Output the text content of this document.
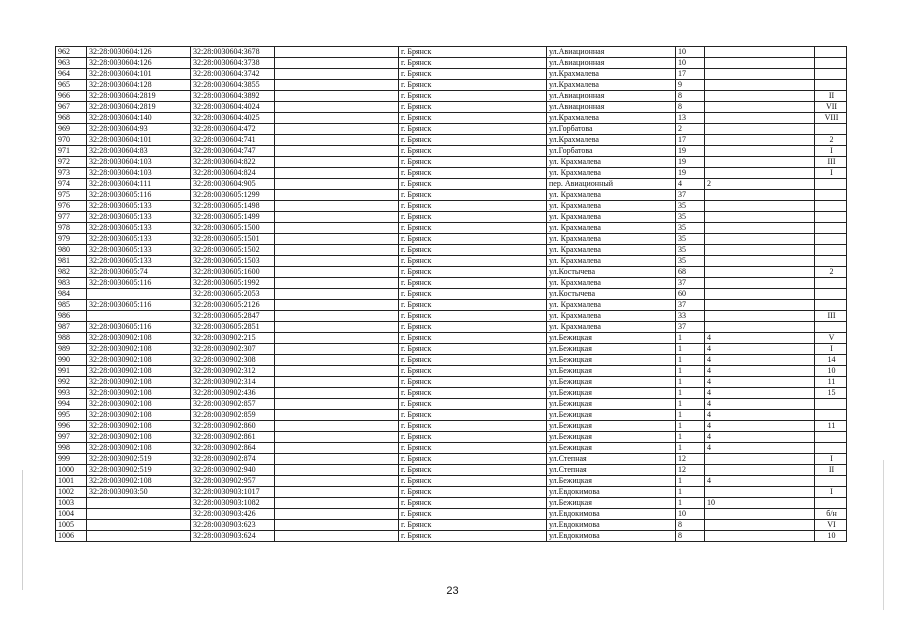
962	32:28:0030604:126	32:28:0030604:3678		г. Брянск	ул.Авиационная	10		
963	32:28:0030604:126	32:28:0030604:3738		г. Брянск	ул.Авиационная	10		
964	32:28:0030604:101	32:28:0030604:3742		г. Брянск	ул.Крахмалева	17		
965	32:28:0030604:128	32:28:0030604:3855		г. Брянск	ул.Крахмалева	9		
966	32:28:0030604:2819	32:28:0030604:3892		г. Брянск	ул.Авиационная	8		II
967	32:28:0030604:2819	32:28:0030604:4024		г. Брянск	ул.Авиационная	8		VII
968	32:28:0030604:140	32:28:0030604:4025		г. Брянск	ул.Крахмалева	13		VIII
969	32:28:0030604:93	32:28:0030604:472		г. Брянск	ул.Горбатова	2		
970	32:28:0030604:101	32:28:0030604:741		г. Брянск	ул.Крахмалева	17		2
971	32:28:0030604:83	32:28:0030604:747		г. Брянск	ул.Горбатова	19		I
972	32:28:0030604:103	32:28:0030604:822		г. Брянск	ул. Крахмалева	19		III
973	32:28:0030604:103	32:28:0030604:824		г. Брянск	ул. Крахмалева	19		I
974	32:28:0030604:111	32:28:0030604:905		г. Брянск	пер. Авиационный	4	2	
975	32:28:0030605:116	32:28:0030605:1299		г. Брянск	ул. Крахмалева	37		
976	32:28:0030605:133	32:28:0030605:1498		г. Брянск	ул. Крахмалева	35		
977	32:28:0030605:133	32:28:0030605:1499		г. Брянск	ул. Крахмалева	35		
978	32:28:0030605:133	32:28:0030605:1500		г. Брянск	ул. Крахмалева	35		
979	32:28:0030605:133	32:28:0030605:1501		г. Брянск	ул. Крахмалева	35		
980	32:28:0030605:133	32:28:0030605:1502		г. Брянск	ул. Крахмалева	35		
981	32:28:0030605:133	32:28:0030605:1503		г. Брянск	ул. Крахмалева	35		
982	32:28:0030605:74	32:28:0030605:1600		г. Брянск	ул.Костычева	68		2
983	32:28:0030605:116	32:28:0030605:1992		г. Брянск	ул. Крахмалева	37		
984		32:28:0030605:2053		г. Брянск	ул.Костычева	60		
985	32:28:0030605:116	32:28:0030605:2126		г. Брянск	ул. Крахмалева	37		
986		32:28:0030605:2847		г. Брянск	ул. Крахмалева	33		III
987	32:28:0030605:116	32:28:0030605:2851		г. Брянск	ул. Крахмалева	37		
988	32:28:0030902:108	32:28:0030902:215		г. Брянск	ул.Бежицкая	1	4	V
989	32:28:0030902:108	32:28:0030902:307		г. Брянск	ул.Бежицкая	1	4	I
990	32:28:0030902:108	32:28:0030902:308		г. Брянск	ул.Бежицкая	1	4	14
991	32:28:0030902:108	32:28:0030902:312		г. Брянск	ул.Бежицкая	1	4	10
992	32:28:0030902:108	32:28:0030902:314		г. Брянск	ул.Бежицкая	1	4	11
993	32:28:0030902:108	32:28:0030902:436		г. Брянск	ул.Бежицкая	1	4	15
994	32:28:0030902:108	32:28:0030902:857		г. Брянск	ул.Бежицкая	1	4	
995	32:28:0030902:108	32:28:0030902:859		г. Брянск	ул.Бежицкая	1	4	
996	32:28:0030902:108	32:28:0030902:860		г. Брянск	ул.Бежицкая	1	4	11
997	32:28:0030902:108	32:28:0030902:861		г. Брянск	ул.Бежицкая	1	4	
998	32:28:0030902:108	32:28:0030902:864		г. Брянск	ул.Бежицкая	1	4	
999	32:28:0030902:519	32:28:0030902:874		г. Брянск	ул.Степная	12		I
1000	32:28:0030902:519	32:28:0030902:940		г. Брянск	ул.Степная	12		II
1001	32:28:0030902:108	32:28:0030902:957		г. Брянск	ул.Бежицкая	1	4	
1002	32:28:0030903:50	32:28:0030903:1017		г. Брянск	ул.Евдокимова	1		I
1003		32:28:0030903:1082		г. Брянск	ул.Бежицкая	1	10	
1004		32:28:0030903:426		г. Брянск	ул.Евдокимова	10		б/н
1005		32:28:0030903:623		г. Брянск	ул.Евдокимова	8		VI
1006		32:28:0030903:624		г. Брянск	ул.Евдокимова	8		10
23
